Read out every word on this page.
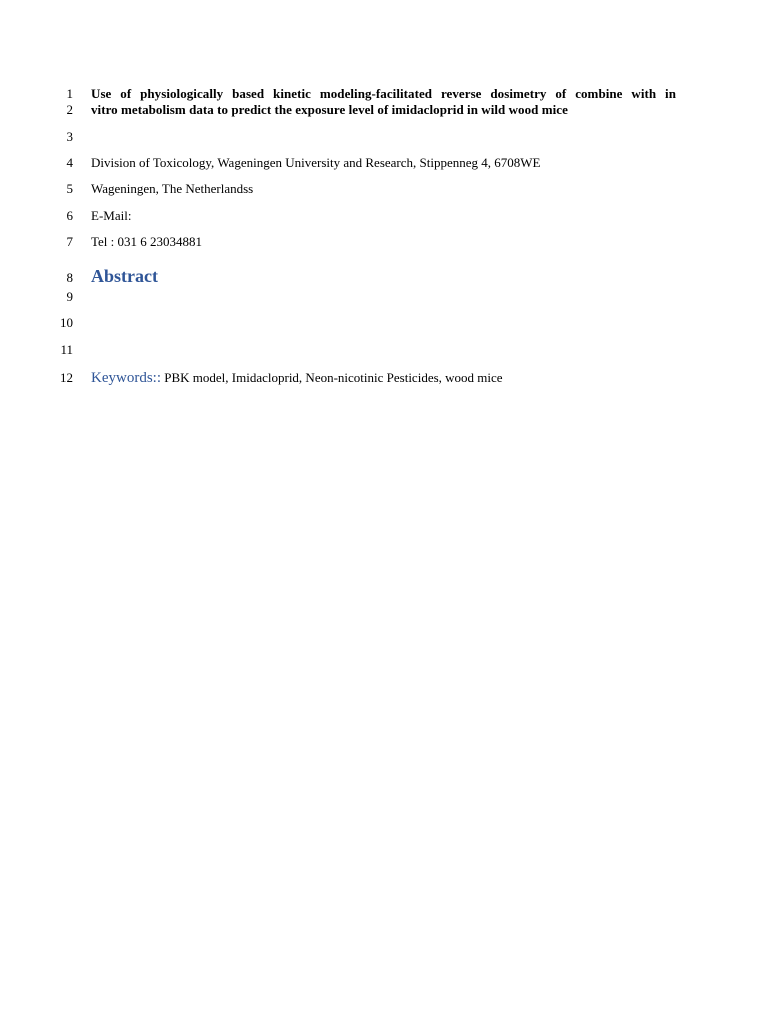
1 Use of physiologically based kinetic modeling-facilitated reverse dosimetry of combine with in
2 vitro metabolism data to predict the exposure level of imidacloprid in wild wood mice
3
4 Division of Toxicology, Wageningen University and Research, Stippenneg 4, 6708WE
5 Wageningen, The Netherlandss
6 E-Mail:
7 Tel : 031 6 23034881
8 Abstract
9
10
11
12 Keywords:: PBK model, Imidacloprid, Neon-nicotinic Pesticides, wood mice
